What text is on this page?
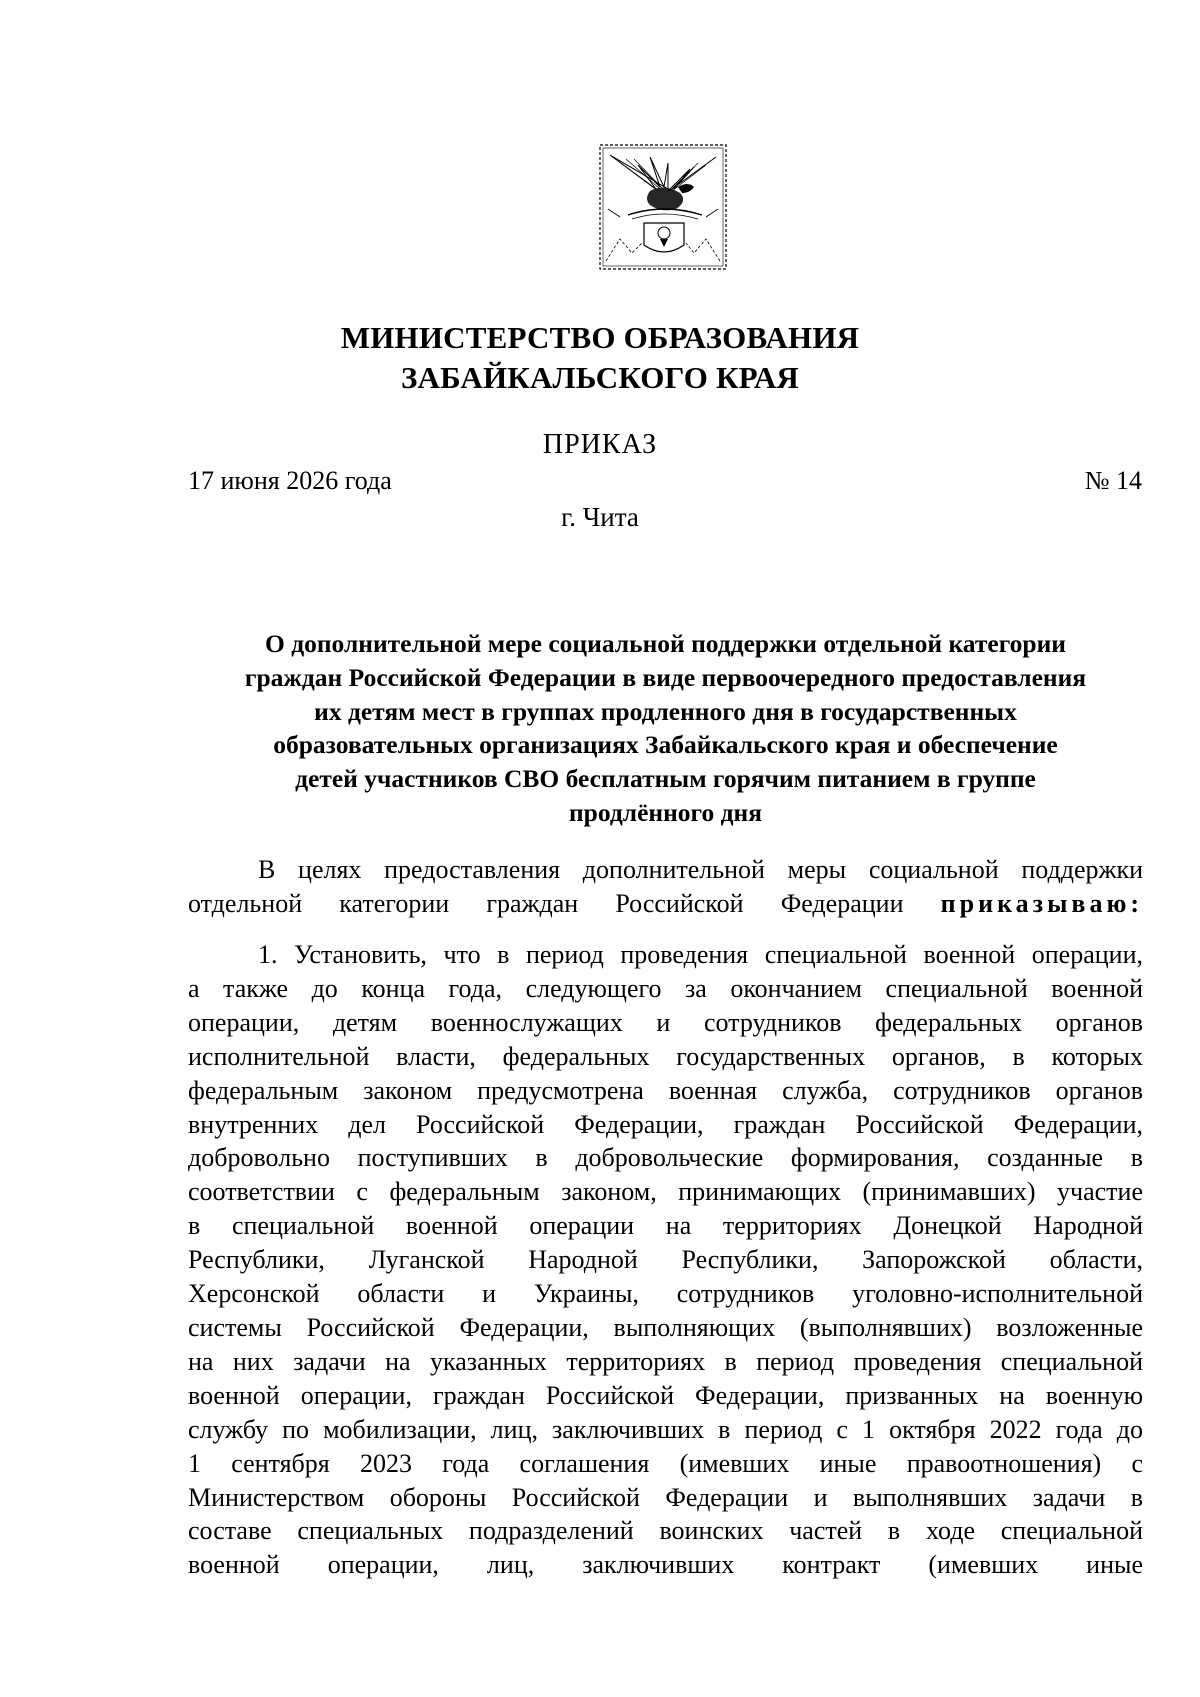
МИНИСТЕРСТВО ОБРАЗОВАНИЯ
ЗАБАЙКАЛЬСКОГО КРАЯ
ПРИКАЗ
17 июня 2026 года	№ 14
г. Чита
О дополнительной мере социальной поддержки отдельной категории
граждан Российской Федерации в виде первоочередного предоставления
их детям мест в группах продленного дня в государственных
образовательных организациях Забайкальского края и обеспечение
детей участников СВО бесплатным горячим питанием в группе
продлённого дня
В целях предоставления дополнительной меры социальной поддержки
отдельной категории граждан Российской Федерации приказываю:
1. Установить, что в период проведения специальной военной операции,
а также до конца года, следующего за окончанием специальной военной
операции, детям военнослужащих и сотрудников федеральных органов
исполнительной власти, федеральных государственных органов, в которых
федеральным законом предусмотрена военная служба, сотрудников органов
внутренних дел Российской Федерации, граждан Российской Федерации,
добровольно поступивших в добровольческие формирования, созданные в
соответствии с федеральным законом, принимающих (принимавших) участие
в специальной военной операции на территориях Донецкой Народной
Республики, Луганской Народной Республики, Запорожской области,
Херсонской области и Украины, сотрудников уголовно-исполнительной
системы Российской Федерации, выполняющих (выполнявших) возложенные
на них задачи на указанных территориях в период проведения специальной
военной операции, граждан Российской Федерации, призванных на военную
службу по мобилизации, лиц, заключивших в период с 1 октября 2022 года до
1 сентября 2023 года соглашения (имевших иные правоотношения) с
Министерством обороны Российской Федерации и выполнявших задачи в
составе специальных подразделений воинских частей в ходе специальной
военной операции, лиц, заключивших контракт (имевших иные
